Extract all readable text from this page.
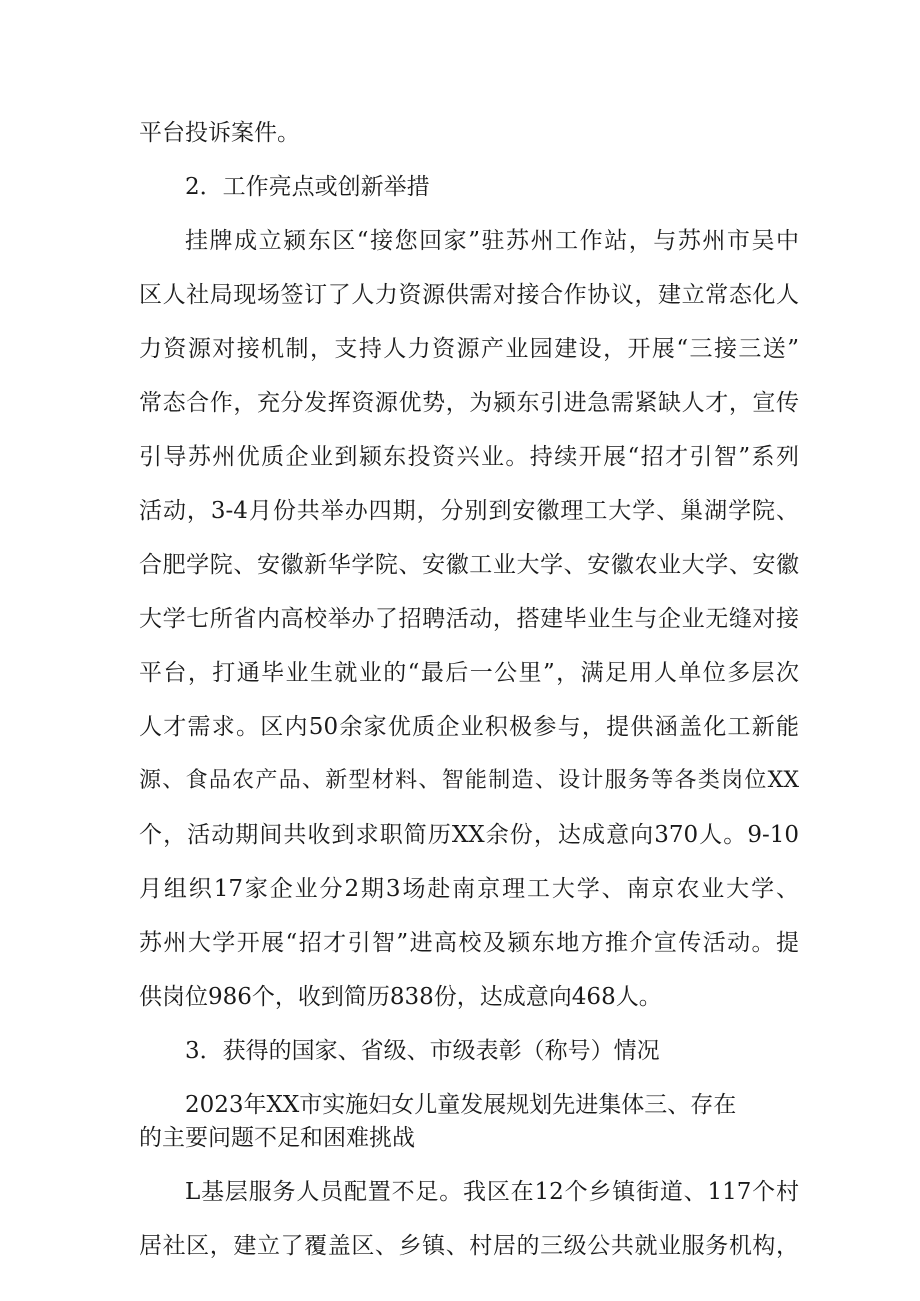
平台投诉案件。
2．工作亮点或创新举措
挂牌成立颍东区“接您回家”驻苏州工作站，与苏州市吴中
区人社局现场签订了人力资源供需对接合作协议，建立常态化人
力资源对接机制，支持人力资源产业园建设，开展“三接三送”
常态合作，充分发挥资源优势，为颍东引进急需紧缺人才，宣传
引导苏州优质企业到颍东投资兴业。持续开展“招才引智”系列
活动，3-4月份共举办四期，分别到安徽理工大学、巢湖学院、
合肥学院、安徽新华学院、安徽工业大学、安徽农业大学、安徽
大学七所省内高校举办了招聘活动，搭建毕业生与企业无缝对接
平台，打通毕业生就业的“最后一公里”，满足用人单位多层次
人才需求。区内50余家优质企业积极参与，提供涵盖化工新能
源、食品农产品、新型材料、智能制造、设计服务等各类岗位XX
个，活动期间共收到求职简历XX余份，达成意向370人。9-10
月组织17家企业分2期3场赴南京理工大学、南京农业大学、
苏州大学开展“招才引智”进高校及颍东地方推介宣传活动。提
供岗位986个，收到简历838份，达成意向468人。
3．获得的国家、省级、市级表彰（称号）情况
2023年XX市实施妇女儿童发展规划先进集体三、存在
的主要问题不足和困难挑战
L基层服务人员配置不足。我区在12个乡镇街道、117个村
居社区，建立了覆盖区、乡镇、村居的三级公共就业服务机构，
